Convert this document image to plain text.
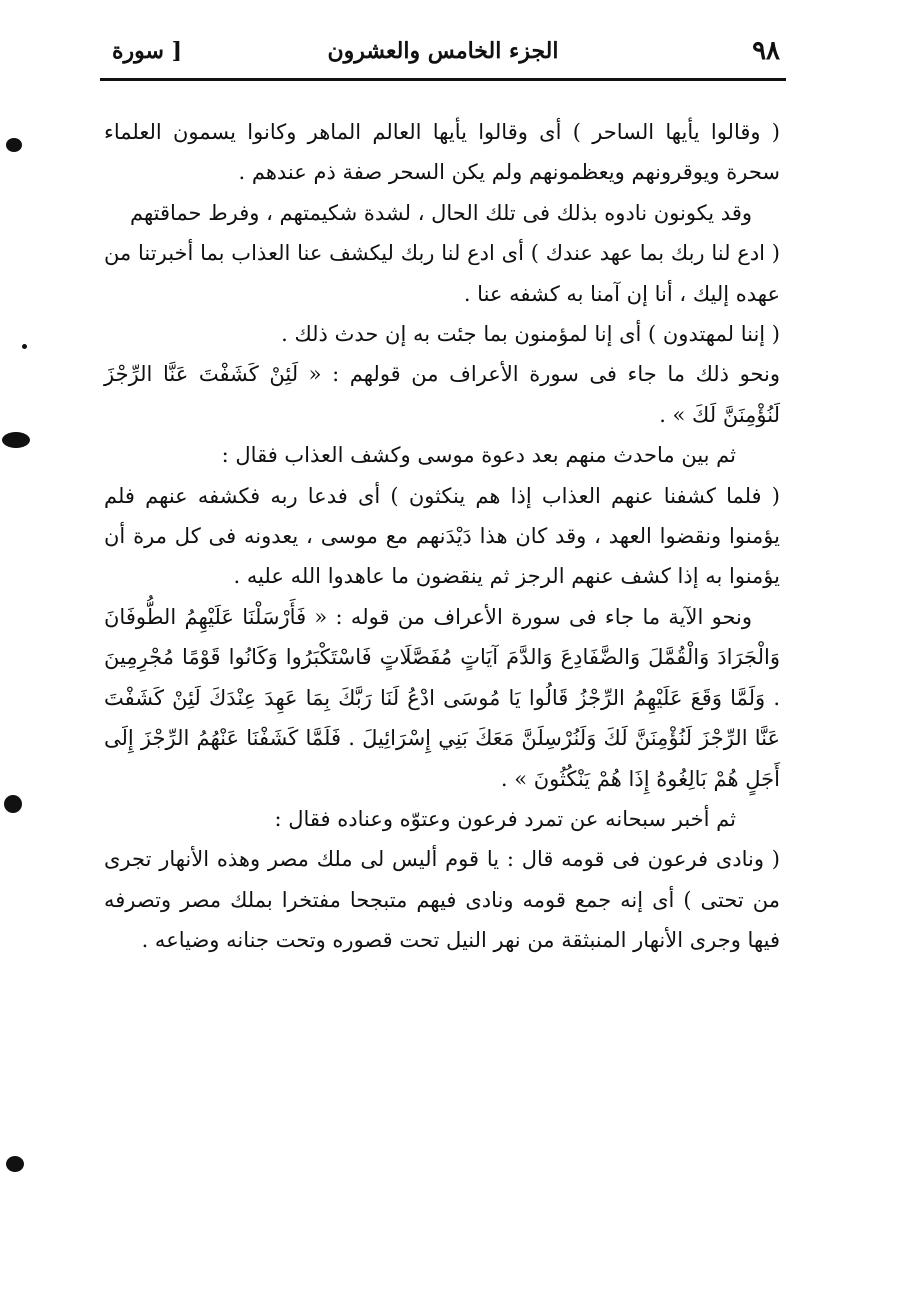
٩٨
الجزء الخامس والعشرون
[ سورة

( وقالوا يأيها الساحر ) أى وقالوا يأيها العالم الماهر وكانوا يسمون العلماء سحرة ويوقرونهم ويعظمونهم ولم يكن السحر صفة ذم عندهم .

وقد يكونون نادوه بذلك فى تلك الحال ، لشدة شكيمتهم ، وفرط حماقتهم

( ادع لنا ربك بما عهد عندك ) أى ادع لنا ربك ليكشف عنا العذاب بما أخبرتنا من عهده إليك ، أنا إن آمنا به كشفه عنا .

( إننا لمهتدون ) أى إنا لمؤمنون بما جئت به إن حدث ذلك .

ونحو ذلك ما جاء فى سورة الأعراف من قولهم : « لَئِنْ كَشَفْتَ عَنَّا الرِّجْزَ لَنُؤْمِنَنَّ لَكَ » .

ثم بين ماحدث منهم بعد دعوة موسى وكشف العذاب فقال :

( فلما كشفنا عنهم العذاب إذا هم ينكثون ) أى فدعا ربه فكشفه عنهم فلم يؤمنوا ونقضوا العهد ، وقد كان هذا دَيْدَنهم مع موسى ، يعدونه فى كل مرة أن يؤمنوا به إذا كشف عنهم الرجز ثم ينقضون ما عاهدوا الله عليه .

ونحو الآية ما جاء فى سورة الأعراف من قوله : « فَأَرْسَلْنَا عَلَيْهِمُ الطُّوفَانَ وَالْجَرَادَ وَالْقُمَّلَ وَالضَّفَادِعَ وَالدَّمَ آيَاتٍ مُفَصَّلَاتٍ فَاسْتَكْبَرُوا وَكَانُوا قَوْمًا مُجْرِمِينَ . وَلَمَّا وَقَعَ عَلَيْهِمُ الرِّجْزُ قَالُوا يَا مُوسَى ادْعُ لَنَا رَبَّكَ بِمَا عَهِدَ عِنْدَكَ لَئِنْ كَشَفْتَ عَنَّا الرِّجْزَ لَنُؤْمِنَنَّ لَكَ وَلَنُرْسِلَنَّ مَعَكَ بَنِي إِسْرَائِيلَ . فَلَمَّا كَشَفْنَا عَنْهُمُ الرِّجْزَ إِلَى أَجَلٍ هُمْ بَالِغُوهُ إِذَا هُمْ يَنْكُثُونَ » .

ثم أخبر سبحانه عن تمرد فرعون وعتوّه وعناده فقال :

( ونادى فرعون فى قومه قال : يا قوم أليس لى ملك مصر وهذه الأنهار تجرى من تحتى ) أى إنه جمع قومه ونادى فيهم متبجحا مفتخرا بملك مصر وتصرفه فيها وجرى الأنهار المنبثقة من نهر النيل تحت قصوره وتحت جنانه وضياعه .
